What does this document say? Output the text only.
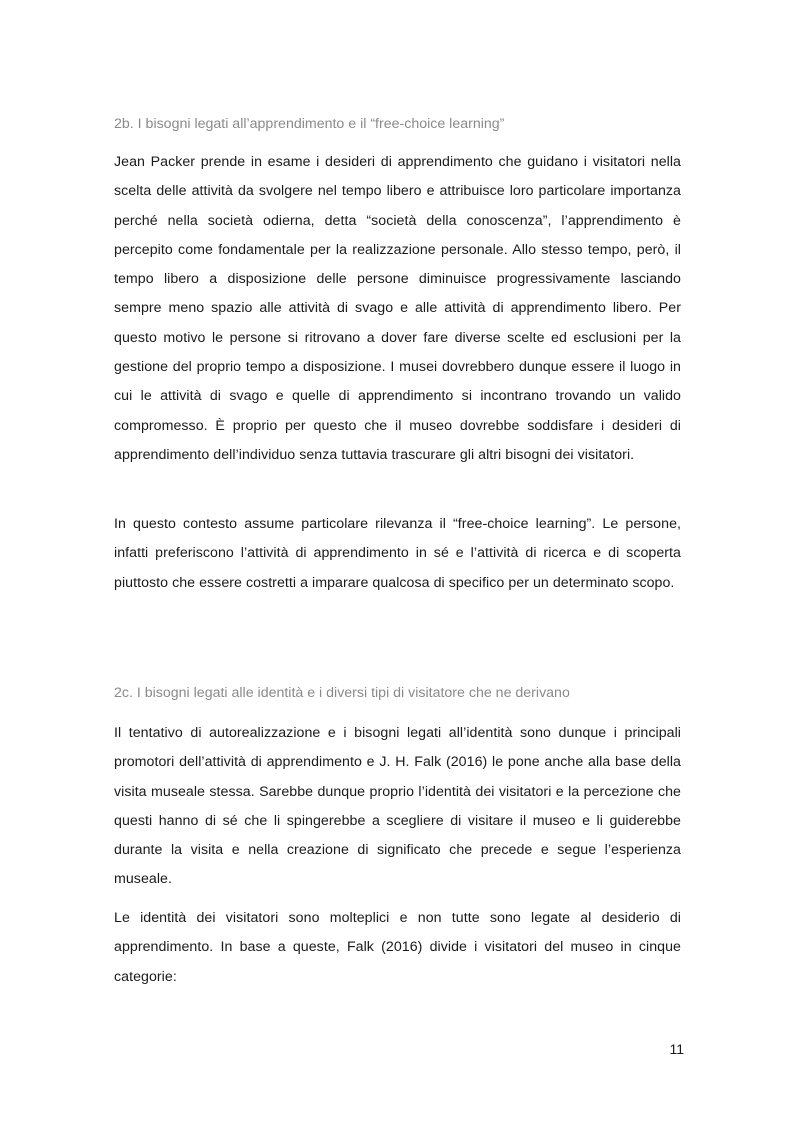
2b. I bisogni legati all’apprendimento e il “free-choice learning”

Jean Packer prende in esame i desideri di apprendimento che guidano i visitatori nella scelta delle attività da svolgere nel tempo libero e attribuisce loro particolare importanza perché nella società odierna, detta “società della conoscenza”, l’apprendimento è percepito come fondamentale per la realizzazione personale. Allo stesso tempo, però, il tempo libero a disposizione delle persone diminuisce progressivamente lasciando sempre meno spazio alle attività di svago e alle attività di apprendimento libero. Per questo motivo le persone si ritrovano a dover fare diverse scelte ed esclusioni per la gestione del proprio tempo a disposizione. I musei dovrebbero dunque essere il luogo in cui le attività di svago e quelle di apprendimento si incontrano trovando un valido compromesso. È proprio per questo che il museo dovrebbe soddisfare i desideri di apprendimento dell’individuo senza tuttavia trascurare gli altri bisogni dei visitatori.

In questo contesto assume particolare rilevanza il “free-choice learning”. Le persone, infatti preferiscono l’attività di apprendimento in sé e l’attività di ricerca e di scoperta piuttosto che essere costretti a imparare qualcosa di specifico per un determinato scopo.

2c. I bisogni legati alle identità e i diversi tipi di visitatore che ne derivano

Il tentativo di autorealizzazione e i bisogni legati all’identità sono dunque i principali promotori dell’attività di apprendimento e J. H. Falk (2016) le pone anche alla base della visita museale stessa. Sarebbe dunque proprio l’identità dei visitatori e la percezione che questi hanno di sé che li spingerebbe a scegliere di visitare il museo e li guiderebbe durante la visita e nella creazione di significato che precede e segue l’esperienza museale.

Le identità dei visitatori sono molteplici e non tutte sono legate al desiderio di apprendimento. In base a queste, Falk (2016) divide i visitatori del museo in cinque categorie:

11
